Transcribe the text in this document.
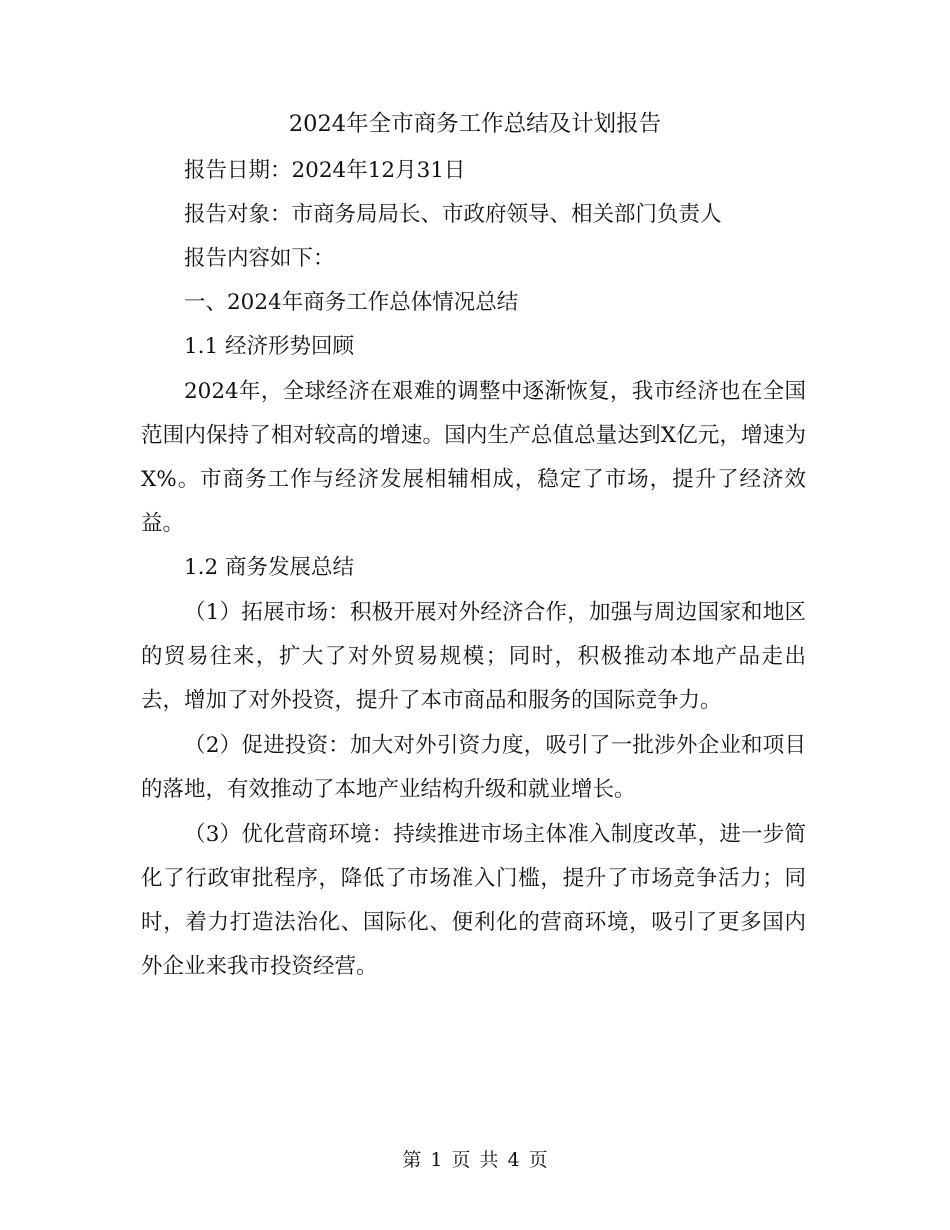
2024年全市商务工作总结及计划报告

报告日期：2024年12月31日

报告对象：市商务局局长、市政府领导、相关部门负责人

报告内容如下：

一、2024年商务工作总体情况总结

1.1 经济形势回顾

2024年，全球经济在艰难的调整中逐渐恢复，我市经济也在全国范围内保持了相对较高的增速。国内生产总值总量达到X亿元，增速为X%。市商务工作与经济发展相辅相成，稳定了市场，提升了经济效益。

1.2 商务发展总结

（1）拓展市场：积极开展对外经济合作，加强与周边国家和地区的贸易往来，扩大了对外贸易规模；同时，积极推动本地产品走出去，增加了对外投资，提升了本市商品和服务的国际竞争力。

（2）促进投资：加大对外引资力度，吸引了一批涉外企业和项目的落地，有效推动了本地产业结构升级和就业增长。

（3）优化营商环境：持续推进市场主体准入制度改革，进一步简化了行政审批程序，降低了市场准入门槛，提升了市场竞争活力；同时，着力打造法治化、国际化、便利化的营商环境，吸引了更多国内外企业来我市投资经营。

第 1 页 共 4 页
